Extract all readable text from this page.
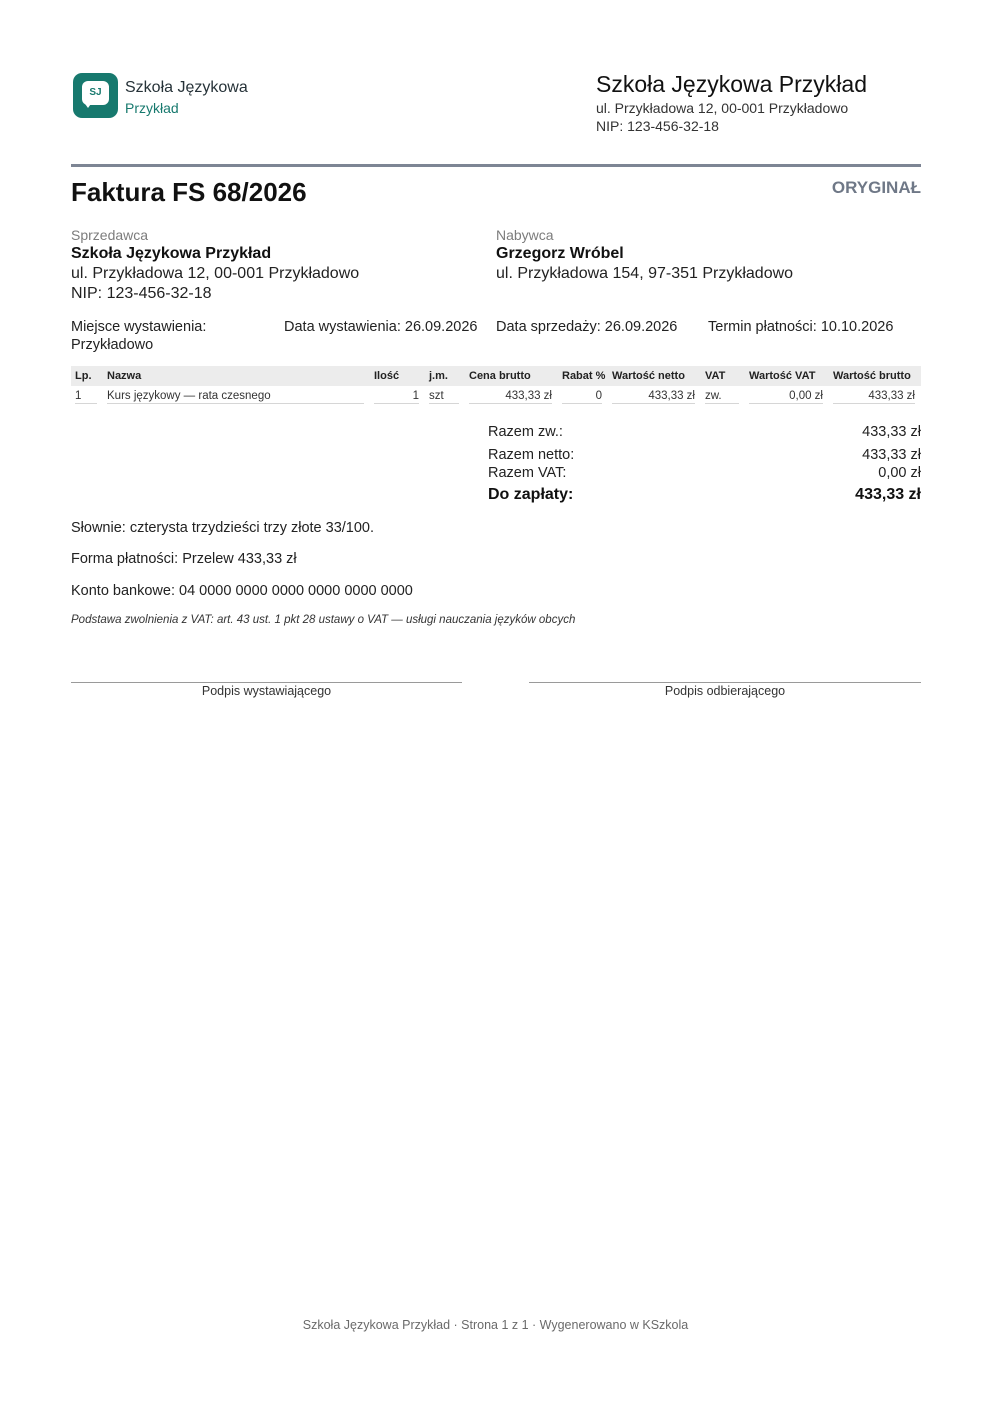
SJ	Szkoła Językowa
Przykład
Szkoła Językowa Przykład
ul. Przykładowa 12, 00-001 Przykładowo
NIP: 123-456-32-18
Faktura FS 68/2026	ORYGINAŁ
Sprzedawca
Szkoła Językowa Przykład
ul. Przykładowa 12, 00-001 Przykładowo
NIP: 123-456-32-18
Nabywca
Grzegorz Wróbel
ul. Przykładowa 154, 97-351 Przykładowo
Miejsce wystawienia:
Przykładowo
Data wystawienia: 26.09.2026 Data sprzedaży: 26.09.2026 Termin płatności: 10.10.2026
Lp.	Nazwa	Ilość	j.m.	Cena brutto	Rabat %	Wartość netto	VAT	Wartość VAT	Wartość brutto

1	Kurs językowy — rata czesnego	1	szt	433,33 zł	0	433,33 zł	zw.	0,00 zł	433,33 zł
Razem zw.:	433,33 zł
Razem netto:	433,33 zł
Razem VAT:	0,00 zł
Do zapłaty:	433,33 zł
Słownie: czterysta trzydzieści trzy złote 33/100.
Forma płatności: Przelew 433,33 zł
Konto bankowe: 04 0000 0000 0000 0000 0000 0000
Podstawa zwolnienia z VAT: art. 43 ust. 1 pkt 28 ustawy o VAT — usługi nauczania języków obcych
Podpis wystawiającego	Podpis odbierającego
Szkoła Językowa Przykład · Strona 1 z 1 · Wygenerowano w KSzkola
